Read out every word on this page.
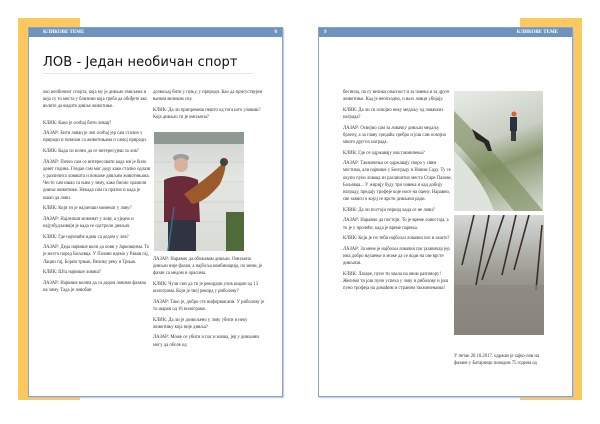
КЛИКОВЕ ТЕМЕ	8
ЛОВ - Један необичан спорт

око необичног спорта, која му је дивљач омиљена и која су то места у близини која треба да обиђете ако волите да видите дивље животиње.

КЛИК: Како је осећај бити ловац?

ЛАЗАР: Бити ловац је леп осећај јер сам стално у природи и повезан са животињама и самој природи.

КЛИК: Када си почео да се интересујеш за лов?

ЛАЗАР: Почео сам се интересовати када ми је било девет година. Гледао сам мог деду како стално одлази у различита ловишта и помаже дивљим животињама. Често сам ишао са њим у зиму, како бисмо хранили дивље животиње. Некада сам га пратио и када је ишао да лови.

КЛИК: Који ти је најлепши моменат у лову?

ЛАЗАР: Најлепши моменат у лову, а уједно и најузбудљивији је када се одстрели дивљач.

КЛИК: Где најчешће идеш са дедом у лов?

ЛАЗАР: Деда највише воли да лови у Јарковцима. То је место поред Бољевца. У Пазови идемо у Раван гај, Лацин гај, Борин трњак, Велику реку и Трњак.

КЛИК: Шта највише ловиш?

ЛАЗАР: Највише волим да са дедом ловимо фазана на зиму. Тада је ловобан

дозвољај бити у пуњу, у природи. Као да присуствујем њеном великом сну.

КЛИК: Да ли припремиш нешто од тога што уловиш? Која дивљач ти је омиљена?

ЛАЗАР: Наравно да обожавам дивљач. Омиљена дивљач није фазан, а најбоља комбинација, по мени, је фазан са медом и орасима.

КЛИК: Чули смо да ти је рекордни улов шаран од 13 килограма. Који је твој рекорд у риболову?

ЛАЗАР: Тако је, добро сте информисани. У риболову је то шаран од 16 килограма.

КЛИК: Да ли је дозвољено у лову убити и неку животињу која није дивља?

ЛАЗАР: Може се убити и пас и мачка, јер у дивљини могу да оболе од

9	КЛИКОВЕ ТЕМЕ

беснила, па су велика опасност и за човека и за друге животиње. Кад је неопходно, и њих ловци убијају.

КЛИК: Да ли си освојио неку медаљу од ловачких награда?

ЛАЗАР: Освојио сам за ловачку дивљач медаљу бронзу, а за главу срндаћа сребро и још сам освојио много других награда.

КЛИК: Где се одржавају ова такмичења?

ЛАЗАР: Такмичења се одржавају скоро у свим местима, али највише у Београду и Новом Саду. Ту се окупи пуно ловаца из различитих места Старе Пазове, Бољевца... У жирију буду три човека и кад добију награду, предају трофеје које носе на оцену. Наравно, све зависи о којој се врсти дивљачи ради.

КЛИК: Да ли постоји период када се не лови?

ЛАЗАР: Наравно да постоји. То је време ловостаја, а то је у пролеће, када је време парења.

КЛИК: Који је по теби најбољи ловачки пас и зашто?

ЛАЗАР: За мене је најбољи ловачки пас јазавичар јер има добро њушење и може да се води на све врсте дивљачи.

КЛИК: Лазаре, пуно ти хвала на овом разговору! Желимо ти још пуно успеха у лову и риболову и још пуно трофеја на домаћим и страним такмичењима!

У петак 20.10.2017. одржан је хајко-лов на фазане у Батајници поводом 75 година од
